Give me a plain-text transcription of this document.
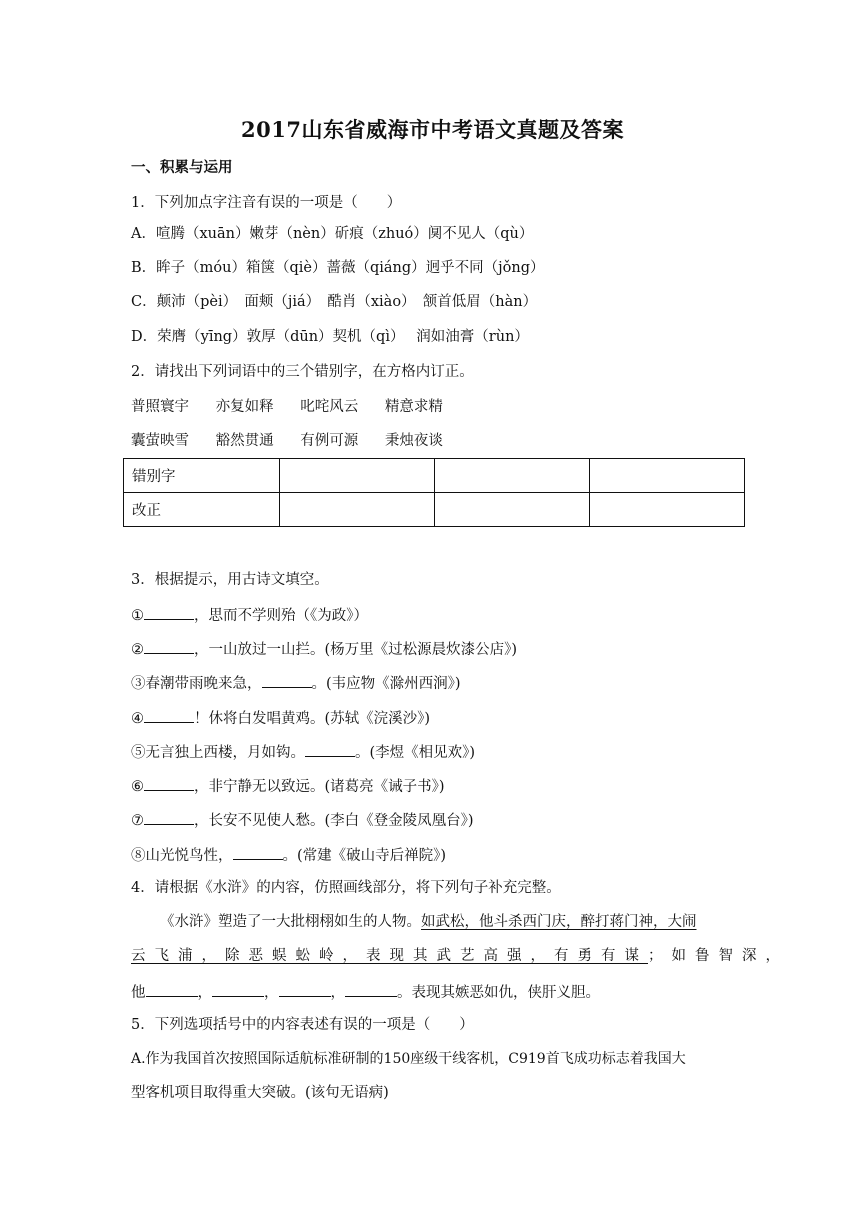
2017山东省威海市中考语文真题及答案
一、积累与运用
1．下列加点字注音有误的一项是（　　）
A．喧腾（xuān）嫩芽（nèn）斫痕（zhuó）阒不见人（qù）
B．眸子（móu）箱箧（qiè）蔷薇（qiáng）迥乎不同（jǒng）
C．颠沛（pèi）　面颊（jiá）　酷肖（xiào）　颔首低眉（hàn）
D．荣膺（yīng）敦厚（dūn）契机（qì）　 润如油膏（rùn）
2．请找出下列词语中的三个错别字，在方格内订正。
普照寰宇 亦复如释 叱咤风云 精意求精
囊萤映雪 豁然贯通 有例可源 秉烛夜谈
错别字			
改正			
3．根据提示，用古诗文填空。
①	，思而不学则殆（《为政》）
②	，一山放过一山拦。(杨万里《过松源晨炊漆公店》)
③春潮带雨晚来急，	。(韦应物《滁州西涧》)
④	！休将白发唱黄鸡。(苏轼《浣溪沙》)
⑤无言独上西楼，月如钩。	。(李煜《相见欢》)
⑥	，非宁静无以致远。(诸葛亮《诫子书》)
⑦	，长安不见使人愁。(李白《登金陵凤凰台》)
⑧山光悦鸟性，	。(常建《破山寺后禅院》)
4．请根据《水浒》的内容，仿照画线部分，将下列句子补充完整。
《水浒》塑造了一大批栩栩如生的人物。如武松，他斗杀西门庆，醉打蒋门神，大闹
云飞浦，除恶蜈蚣岭，表现其武艺高强，有勇有谋；如鲁智深，
他	，	，	，	。表现其嫉恶如仇，侠肝义胆。
5．下列选项括号中的内容表述有误的一项是（　　）
A.作为我国首次按照国际适航标准研制的150座级干线客机，C919首飞成功标志着我国大
型客机项目取得重大突破。(该句无语病)
